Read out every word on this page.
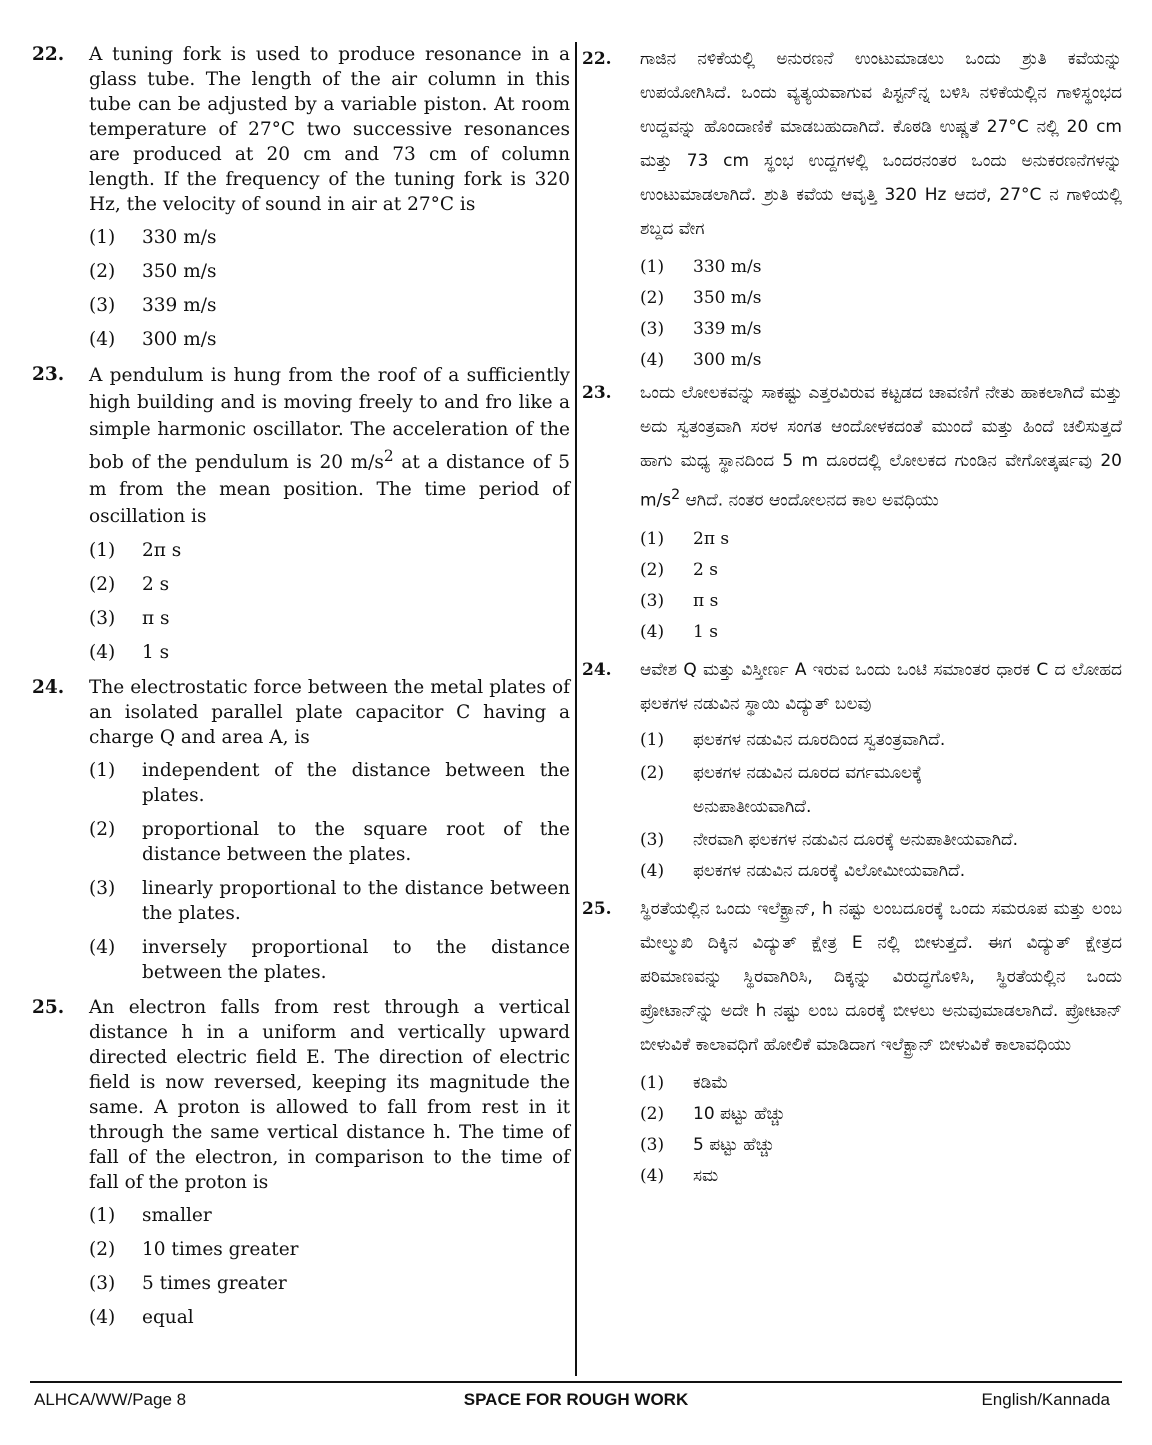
22. A tuning fork is used to produce resonance in a glass tube. The length of the air column in this tube can be adjusted by a variable piston. At room temperature of 27°C two successive resonances are produced at 20 cm and 73 cm of column length. If the frequency of the tuning fork is 320 Hz, the velocity of sound in air at 27°C is
(1) 330 m/s
(2) 350 m/s
(3) 339 m/s
(4) 300 m/s
23. A pendulum is hung from the roof of a sufficiently high building and is moving freely to and fro like a simple harmonic oscillator. The acceleration of the bob of the pendulum is 20 $m/s^2$ at a distance of 5 m from the mean position. The time period of oscillation is
(1) 2π s
(2) 2 s
(3) π s
(4) 1 s
24. The electrostatic force between the metal plates of an isolated parallel plate capacitor C having a charge Q and area A, is
(1) independent of the distance between the plates.
(2) proportional to the square root of the distance between the plates.
(3) linearly proportional to the distance between the plates.
(4) inversely proportional to the distance between the plates.
25. An electron falls from rest through a vertical distance h in a uniform and vertically upward directed electric field E. The direction of electric field is now reversed, keeping its magnitude the same. A proton is allowed to fall from rest in it through the same vertical distance h. The time of fall of the electron, in comparison to the time of fall of the proton is
(1) smaller
(2) 10 times greater
(3) 5 times greater
(4) equal
22. ಗಾಜಿನ ನಳಿಕೆಯಲ್ಲಿ ಅನುರಣನೆ ಉಂಟುಮಾಡಲು ಒಂದು ಶ್ರುತಿ ಕವೆಯನ್ನು ಉಪಯೋಗಿಸಿದೆ. ಒಂದು ವ್ಯತ್ಯಯವಾಗುವ ಪಿಸ್ಟನ್‌ನ್ನ ಬಳಿಸಿ ನಳಿಕೆಯಲ್ಲಿನ ಗಾಳಿಸ್ಥಂಭದ ಉದ್ದವನ್ನು ಹೊಂದಾಣಿಕೆ ಮಾಡಬಹುದಾಗಿದೆ. ಕೊಠಡಿ ಉಷ್ಣತೆ 27°C ನಲ್ಲಿ 20 cm ಮತ್ತು 73 cm ಸ್ಥಂಭ ಉದ್ದಗಳಲ್ಲಿ ಒಂದರನಂತರ ಒಂದು ಅನುಕರಣನೆಗಳನ್ನು ಉಂಟುಮಾಡಲಾಗಿದೆ. ಶ್ರುತಿ ಕವೆಯ ಆವೃತ್ತಿ 320 Hz ಆದರೆ, 27°C ನ ಗಾಳಿಯಲ್ಲಿ ಶಬ್ದದ ವೇಗ
(1) 330 m/s
(2) 350 m/s
(3) 339 m/s
(4) 300 m/s
23. ಒಂದು ಲೋಲಕವನ್ನು ಸಾಕಷ್ಟು ಎತ್ತರವಿರುವ ಕಟ್ಟಡದ ಚಾವಣಿಗೆ ನೇತು ಹಾಕಲಾಗಿದೆ ಮತ್ತು ಅದು ಸ್ವತಂತ್ರವಾಗಿ ಸರಳ ಸಂಗತ ಆಂದೋಳಕದಂತೆ ಮುಂದೆ ಮತ್ತು ಹಿಂದೆ ಚಲಿಸುತ್ತದೆ ಹಾಗು ಮಧ್ಯ ಸ್ಥಾನದಿಂದ 5 m ದೂರದಲ್ಲಿ ಲೋಲಕದ ಗುಂಡಿನ ವೇಗೋತ್ಕರ್ಷವು 20 $m/s^2$ ಆಗಿದೆ. ನಂತರ ಆಂದೋಲನದ ಕಾಲ ಅವಧಿಯು
(1) 2π s
(2) 2 s
(3) π s
(4) 1 s
24. ಆವೇಶ Q ಮತ್ತು ವಿಸ್ತೀರ್ಣ A ಇರುವ ಒಂದು ಒಂಟಿ ಸಮಾಂತರ ಧಾರಕ C ದ ಲೋಹದ ಫಲಕಗಳ ನಡುವಿನ ಸ್ಥಾಯಿ ವಿದ್ಯುತ್ ಬಲವು
(1) ಫಲಕಗಳ ನಡುವಿನ ದೂರದಿಂದ ಸ್ವತಂತ್ರವಾಗಿದೆ.
(2) ಫಲಕಗಳ ನಡುವಿನ ದೂರದ ವರ್ಗಮೂಲಕ್ಕೆ ಅನುಪಾತೀಯವಾಗಿದೆ.
(3) ನೇರವಾಗಿ ಫಲಕಗಳ ನಡುವಿನ ದೂರಕ್ಕೆ ಅನುಪಾತೀಯವಾಗಿದೆ.
(4) ಫಲಕಗಳ ನಡುವಿನ ದೂರಕ್ಕೆ ವಿಲೋಮೀಯವಾಗಿದೆ.
25. ಸ್ಥಿರತೆಯಲ್ಲಿನ ಒಂದು ಇಲೆಕ್ಟ್ರಾನ್, h ನಷ್ಟು ಲಂಬದೂರಕ್ಕೆ ಒಂದು ಸಮರೂಪ ಮತ್ತು ಲಂಬ ಮೇಲ್ಮುಖಿ ದಿಕ್ಕಿನ ವಿದ್ಯುತ್ ಕ್ಷೇತ್ರ E ನಲ್ಲಿ ಬೀಳುತ್ತದೆ. ಈಗ ವಿದ್ಯುತ್ ಕ್ಷೇತ್ರದ ಪರಿಮಾಣವನ್ನು ಸ್ಥಿರವಾಗಿರಿಸಿ, ದಿಕ್ಕನ್ನು ವಿರುದ್ಧಗೊಳಿಸಿ, ಸ್ಥಿರತೆಯಲ್ಲಿನ ಒಂದು ಪ್ರೋಟಾನ್‌ನ್ನು ಅದೇ h ನಷ್ಟು ಲಂಬ ದೂರಕ್ಕೆ ಬೀಳಲು ಅನುವುಮಾಡಲಾಗಿದೆ. ಪ್ರೋಟಾನ್ ಬೀಳುವಿಕೆ ಕಾಲಾವಧಿಗೆ ಹೋಲಿಕೆ ಮಾಡಿದಾಗ ಇಲೆಕ್ಟ್ರಾನ್ ಬೀಳುವಿಕೆ ಕಾಲಾವಧಿಯು
(1) ಕಡಿಮೆ
(2) 10 ಪಟ್ಟು ಹೆಚ್ಚು
(3) 5 ಪಟ್ಟು ಹೆಚ್ಚು
(4) ಸಮ
ALHCA/WW/Page 8	SPACE FOR ROUGH WORK	English/Kannada
